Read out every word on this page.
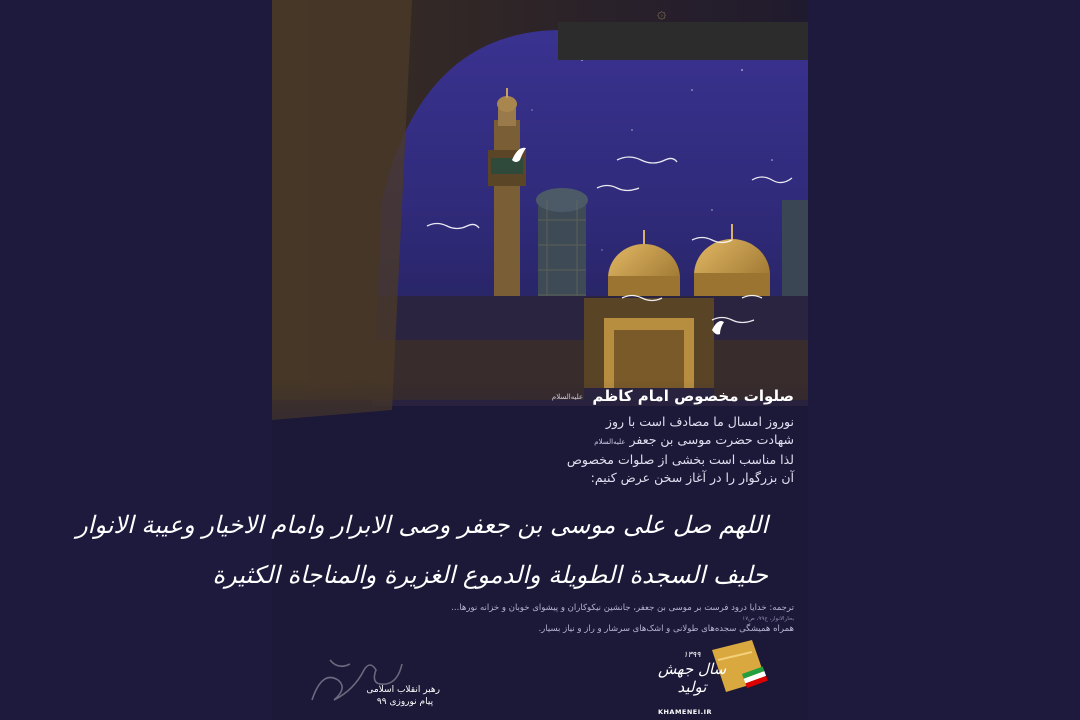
۞

صلوات مخصوص امام کاظم علیه‌السلام

نوروز امسال ما مصادف است با روز

شهادت حضرت موسی بن جعفر علیه‌السلام

لذا مناسب است بخشی از صلوات مخصوص

آن بزرگوار را در آغاز سخن عرض کنیم:

اللهم صل علی موسی بن جعفر وصی الابرار وامام الاخیار وعیبة الانوار
حلیف السجدة الطویلة والدموع الغزیرة والمناجاة الکثیرة

ترجمه: خدایا درود فرست بر موسی بن جعفر، جانشین نیکوکاران و پیشوای خوبان و خزانه نورها...

بحارالانوار، ج۹۹، ص۱۷

همراه همیشگی سجده‌های طولانی و اشک‌های سرشار و راز و نیاز بسیار.

رهبر انقلاب اسلامی

پیام نوروزی ۹۹

۱۳۹۹
سال جهش تولید
KHAMENEI.IR
